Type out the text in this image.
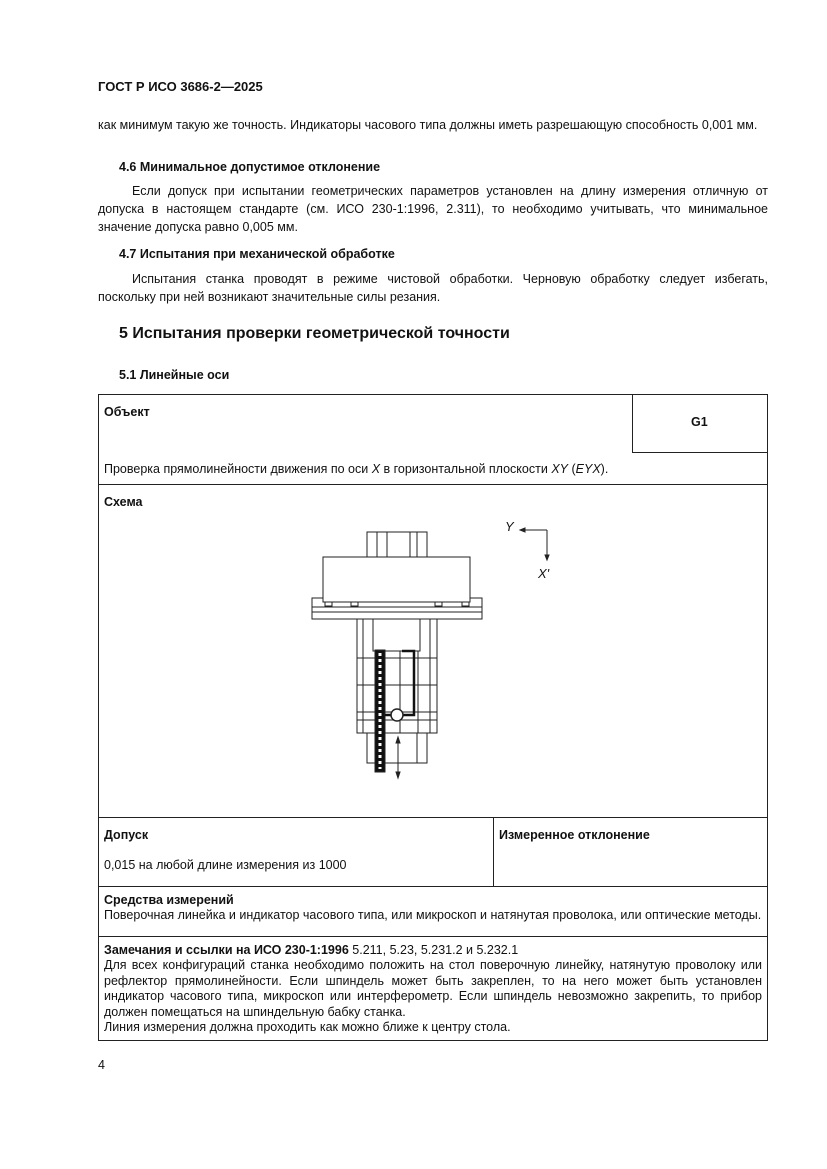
ГОСТ Р ИСО 3686-2—2025
как минимум такую же точность. Индикаторы часового типа должны иметь разрешающую способность 0,001 мм.
4.6 Минимальное допустимое отклонение
Если допуск при испытании геометрических параметров установлен на длину измерения отличную от допуска в настоящем стандарте (см. ИСО 230-1:1996, 2.311), то необходимо учитывать, что минимальное значение допуска равно 0,005 мм.
4.7 Испытания при механической обработке
Испытания станка проводят в режиме чистовой обработки. Черновую обработку следует избегать, поскольку при ней возникают значительные силы резания.
5 Испытания проверки геометрической точности
5.1 Линейные оси
Объект
G1
Проверка прямолинейности движения по оси X в горизонтальной плоскости XY (EYX).
Схема
Y
X'
Допуск
0,015 на любой длине измерения из 1000
Измеренное отклонение
Средства измерений
Поверочная линейка и индикатор часового типа, или микроскоп и натянутая проволока, или оптические методы.
Замечания и ссылки на ИСО 230-1:1996 5.211, 5.23, 5.231.2 и 5.232.1
Для всех конфигураций станка необходимо положить на стол поверочную линейку, натянутую проволоку или рефлектор прямолинейности. Если шпиндель может быть закреплен, то на него может быть установлен индикатор часового типа, микроскоп или интерферометр. Если шпиндель невозможно закрепить, то прибор должен помещаться на шпиндельную бабку станка.
Линия измерения должна проходить как можно ближе к центру стола.
4
